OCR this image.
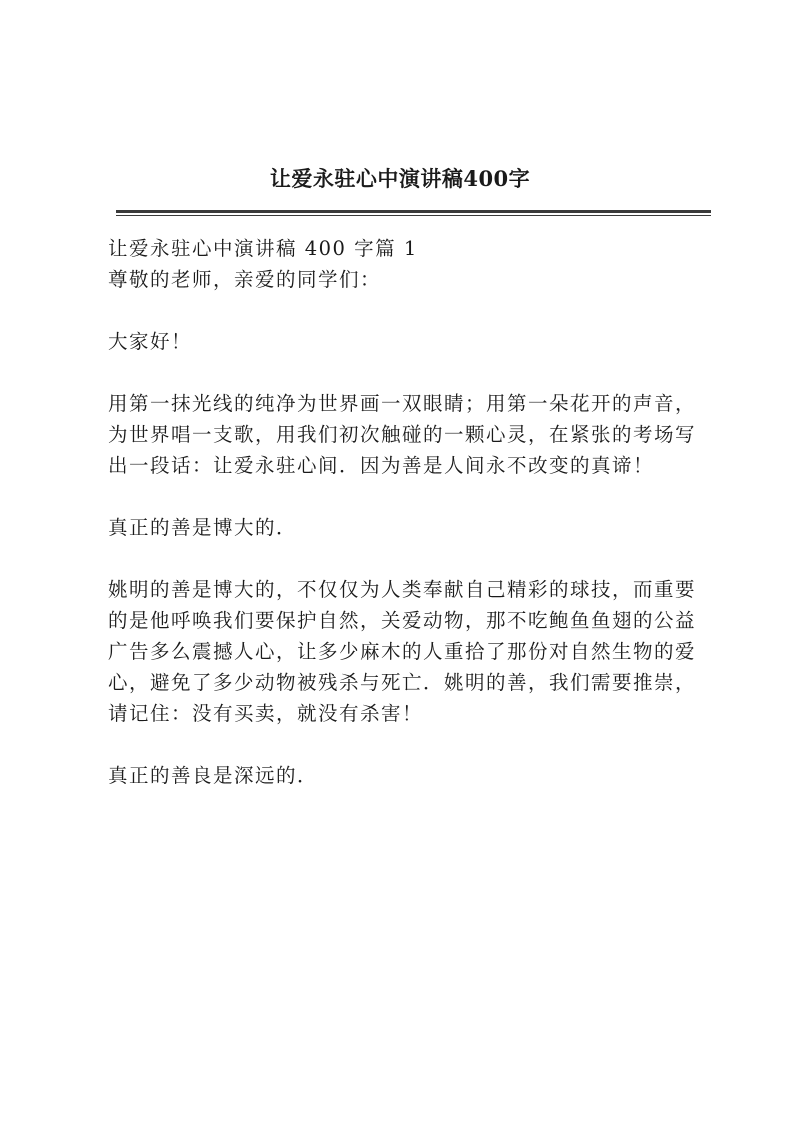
让爱永驻心中演讲稿400字
让爱永驻心中演讲稿 400 字篇 1
尊敬的老师，亲爱的同学们：
大家好！
用第一抹光线的纯净为世界画一双眼睛；用第一朵花开的声音，
为世界唱一支歌，用我们初次触碰的一颗心灵，在紧张的考场写
出一段话：让爱永驻心间．因为善是人间永不改变的真谛！
真正的善是博大的．
姚明的善是博大的，不仅仅为人类奉献自己精彩的球技，而重要
的是他呼唤我们要保护自然，关爱动物，那不吃鲍鱼鱼翅的公益
广告多么震撼人心，让多少麻木的人重拾了那份对自然生物的爱
心，避免了多少动物被残杀与死亡．姚明的善，我们需要推崇，
请记住：没有买卖，就没有杀害！
真正的善良是深远的．
